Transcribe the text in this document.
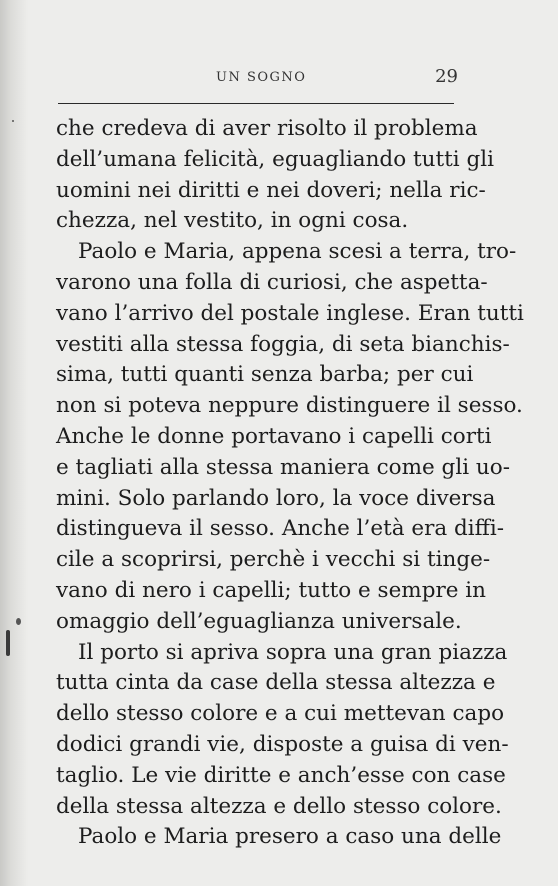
UN SOGNO	29
che credeva di aver risolto il problema
dell’umana felicità, eguagliando tutti gli
uomini nei diritti e nei doveri; nella ric-
chezza, nel vestito, in ogni cosa.
Paolo e Maria, appena scesi a terra, tro-
varono una folla di curiosi, che aspetta-
vano l’arrivo del postale inglese. Eran tutti
vestiti alla stessa foggia, di seta bianchis-
sima, tutti quanti senza barba; per cui
non si poteva neppure distinguere il sesso.
Anche le donne portavano i capelli corti
e tagliati alla stessa maniera come gli uo-
mini. Solo parlando loro, la voce diversa
distingueva il sesso. Anche l’età era diffi-
cile a scoprirsi, perchè i vecchi si tinge-
vano di nero i capelli; tutto e sempre in
omaggio dell’eguaglianza universale.
Il porto si apriva sopra una gran piazza
tutta cinta da case della stessa altezza e
dello stesso colore e a cui mettevan capo
dodici grandi vie, disposte a guisa di ven-
taglio. Le vie diritte e anch’esse con case
della stessa altezza e dello stesso colore.
Paolo e Maria presero a caso una delle
